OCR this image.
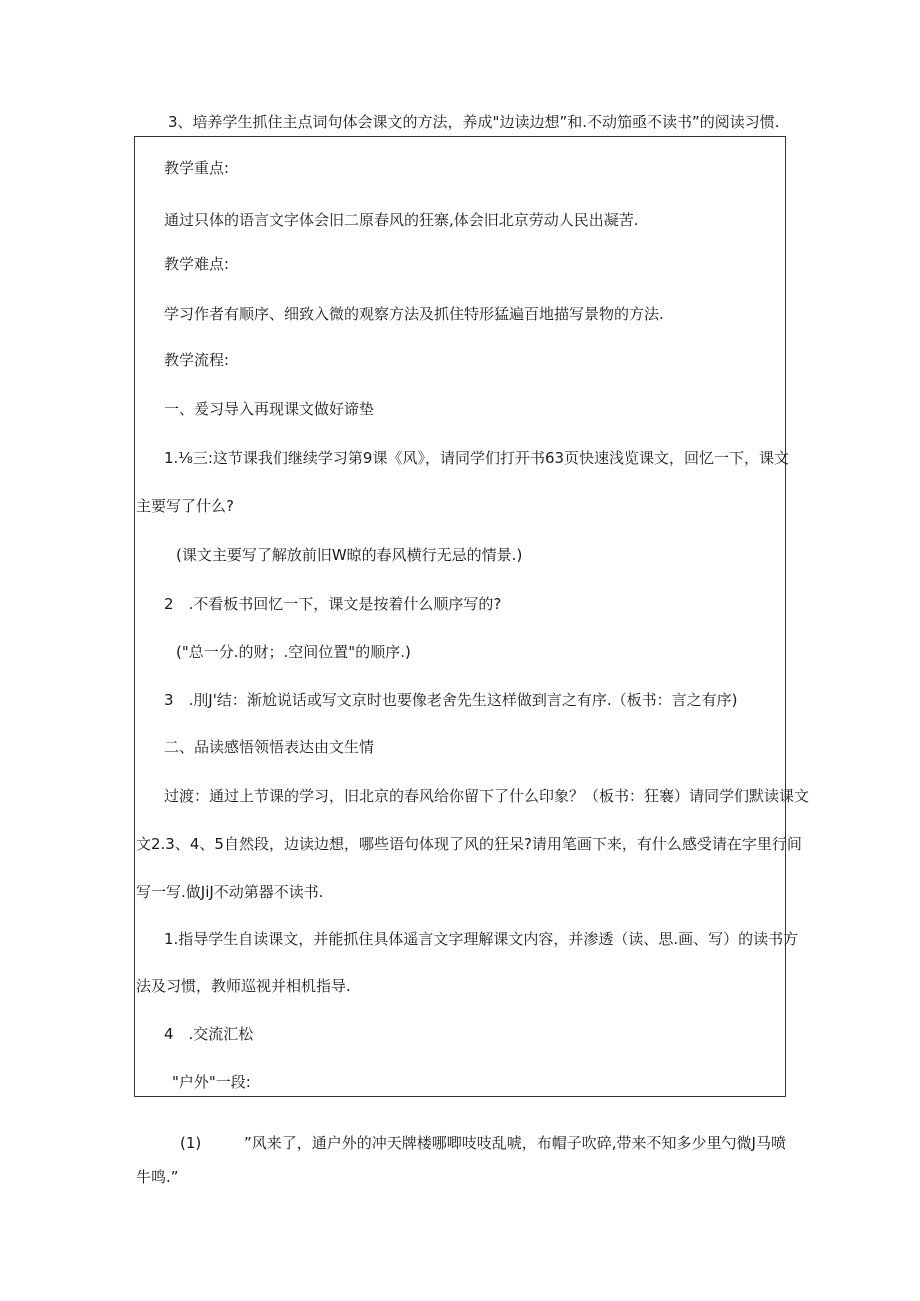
3、培养学生抓住主点词句体会课文的方法，养成"边读边想”和.不动笳亟不读书”的阅读习惯.
教学重点:
通过只体的语言文字体会旧二原春风的狂寨,体会旧北京劳动人民出凝苦.
教学难点:
学习作者有顺序、细致入微的观察方法及抓住特形猛遍百地描写景物的方法.
教学流程:
一、爰习导入再现课文做好谛垫
1.⅛三:这节课我们继续学习第9课《风》，请同学们打开书63页快速浅览课文，回忆一下，课文
主要写了什么?
(课文主要写了解放前旧W晾的春风横行无忌的情景.)
2　.不看板书回忆一下，课文是按着什么顺序写的?
("总一分.的财；.空间位置"的顺序.)
3　.刖J'结：渐尬说话或写文京时也要像老舍先生这样做到言之有序.（板书：言之有序)
二、品读感悟领悟表达由文生情
过渡：通过上节课的学习，旧北京的春风给你留下了什么印象？（板书：狂褰）请同学们默读课文
文2.3、4、5自然段，边读边想，哪些语句体现了风的狂呆?请用笔画下来，有什么感受请在字里行间
写一写.做JiJ不动第器不读书.
1.指导学生自读课文，并能抓住具体遥言文字理解课文内容，并渗透（读、思.画、写）的读书方
法及习惯，教师巡视并相机指导.
4　.交流汇松
"户外"一段:
(1)	”风来了，通户外的冲天牌楼哪唧吱吱乱唬，布帽子吹碎,带来不知多少里勺微J马喷
牛鸣.”
